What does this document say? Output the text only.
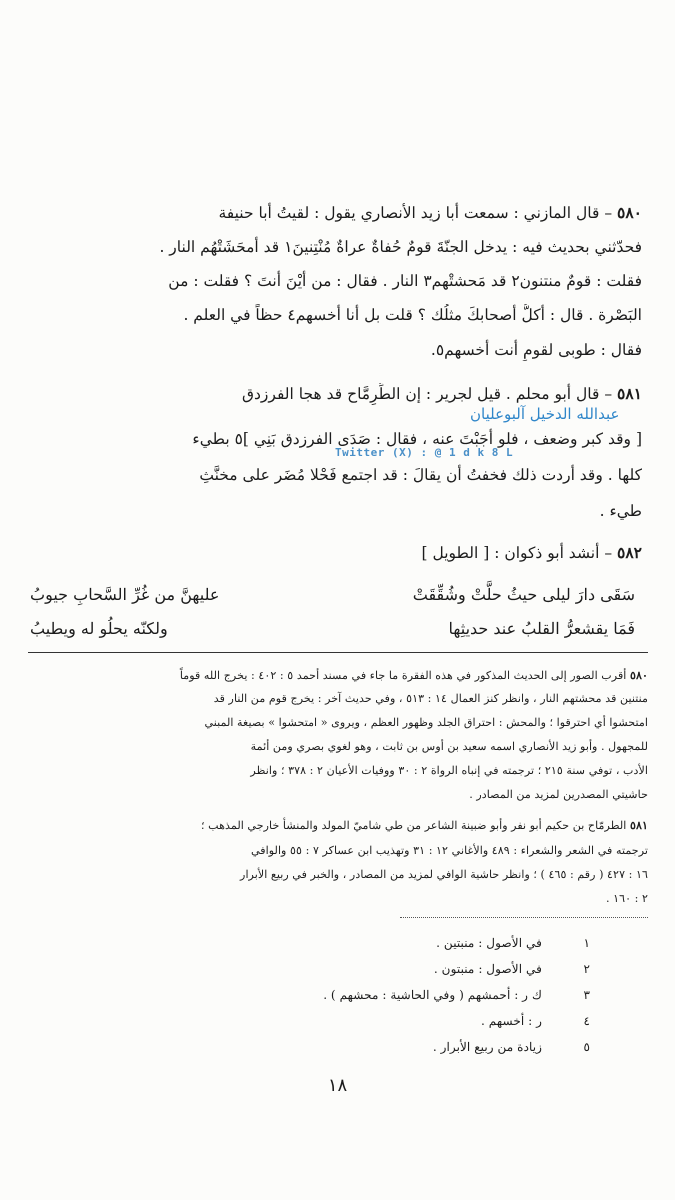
٥٨٠ – قال المازني : سمعت أبا زيد الأنصاري يقول : لقيتُ أبا حنيفة
فحدّثني بحديث فيه : يدخل الجنّةَ قومٌ حُفاةٌ عراةٌ مُنْتِنينَ١ قد أمحَشَتْهُم النار .
فقلت : قومٌ منتنون٢ قد مَحشتْهم٣ النار . فقال : من أيْنَ أنتَ ؟ فقلت : من
البَصْرة . قال : أكلُّ أصحابكَ مثلُك ؟ قلت بل أنا أخسهم٤ حظاً في العلم .
فقال : طوبى لقومٍ أنت أخسهم٥.
٥٨١ – قال أبو محلم . قيل لجرير : إن الطِّرِمَّاح قد هجا الفرزدق
[ وقد كبر وضعف ، فلو أَجَبْتَ عنه ، فقال : صَدَى الفرزدق بَنِي ]٥ بطيء
كلها . وقد أردت ذلك فخفتُ أن يقالَ : قد اجتمع فَحْلا مُضَر على مخنَّثِ
طيء .
٥٨٢ – أنشد أبو ذكوان : [ الطويل ]
سَقَى دارَ ليلى حيثُ حلَّتْ وشُقِّقَتْ
عليهنَّ من غُرِّ السَّحابِ جيوبُ
فَمَا يقشعرُّ القلبُ عند حديثِها
ولكنّه يحلُو له ويطيبُ
٥٨٠ أقرب الصور إلى الحديث المذكور في هذه الفقرة ما جاء في مسند أحمد ٥ : ٤٠٢ : يخرج الله قوماً
منتنين قد محشتهم النار ، وانظر كنز العمال ١٤ : ٥١٣ ، وفي حديث آخر : يخرج قوم من النار قد
امتحشوا أي احترقوا ؛ والمحش : احتراق الجلد وظهور العظم ، ويروى « امتحشوا » بصيغة المبني
للمجهول . وأبو زيد الأنصاري اسمه سعيد بن أوس بن ثابت ، وهو لغوي بصري ومن أئمة
الأدب ، توفي سنة ٢١٥ ؛ ترجمته في إنباه الرواة ٢ : ٣٠ ووفيات الأعيان ٢ : ٣٧٨ ؛ وانظر
حاشيتي المصدرين لمزيد من المصادر .
٥٨١ الطرمّاح بن حكيم أبو نفر وأبو ضبينة الشاعر من طي شاميّ المولد والمنشأ خارجي المذهب ؛
ترجمته في الشعر والشعراء : ٤٨٩ والأغاني ١٢ : ٣١ وتهذيب ابن عساكر ٧ : ٥٥ والوافي
١٦ : ٤٢٧ ( رقم : ٤٦٥ ) ؛ وانظر حاشية الوافي لمزيد من المصادر ، والخبر في ربيع الأبرار
٢ : ١٦٠ .
١في الأصول : منبتين .
٢في الأصول : منبتون .
٣ك ر : أحمشهم ( وفي الحاشية : محشهم ) .
٤ر : أخسهم .
٥زيادة من ربيع الأبرار .
١٨
عبدالله الدخيل آلبوعليان
Twitter (X) : @ 1 d k 8 L
